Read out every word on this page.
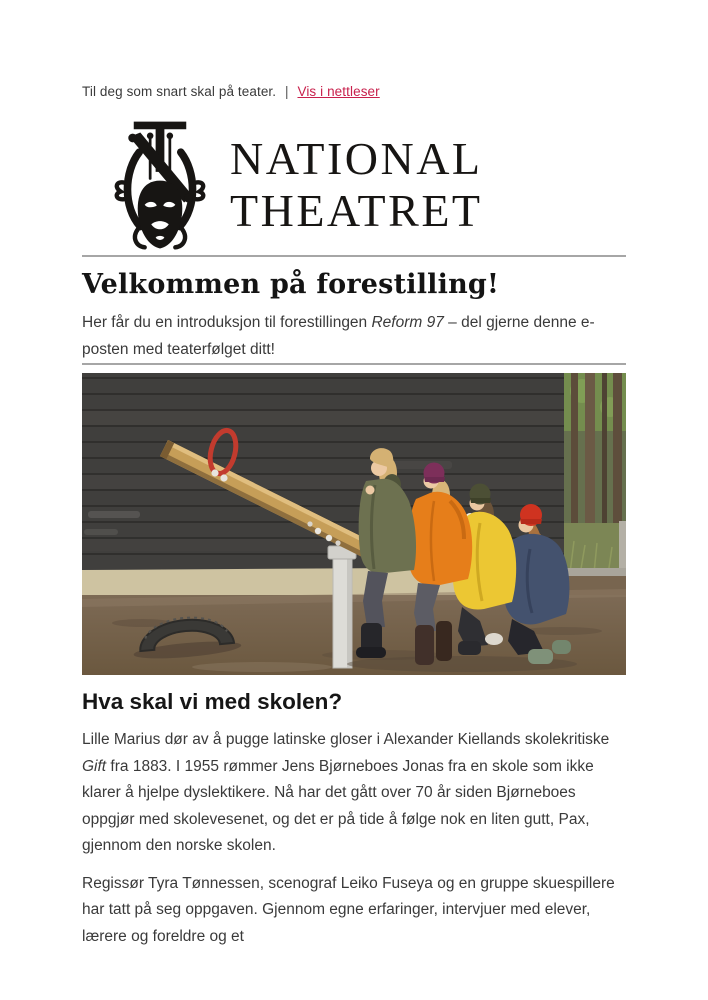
Til deg som snart skal på teater. | Vis i nettleser
NATIONAL
THEATRET
Velkommen på forestilling!

Her får du en introduksjon til forestillingen Reform 97 – del gjerne denne e-posten med teaterfølget ditt!

Hva skal vi med skolen?

Lille Marius dør av å pugge latinske gloser i Alexander Kiellands skolekritiske Gift fra 1883. I 1955 rømmer Jens Bjørneboes Jonas fra en skole som ikke klarer å hjelpe dyslektikere. Nå har det gått over 70 år siden Bjørneboes oppgjør med skolevesenet, og det er på tide å følge nok en liten gutt, Pax, gjennom den norske skolen.

Regissør Tyra Tønnessen, scenograf Leiko Fuseya og en gruppe skuespillere har tatt på seg oppgaven. Gjennom egne erfaringer, intervjuer med elever, lærere og foreldre og et
